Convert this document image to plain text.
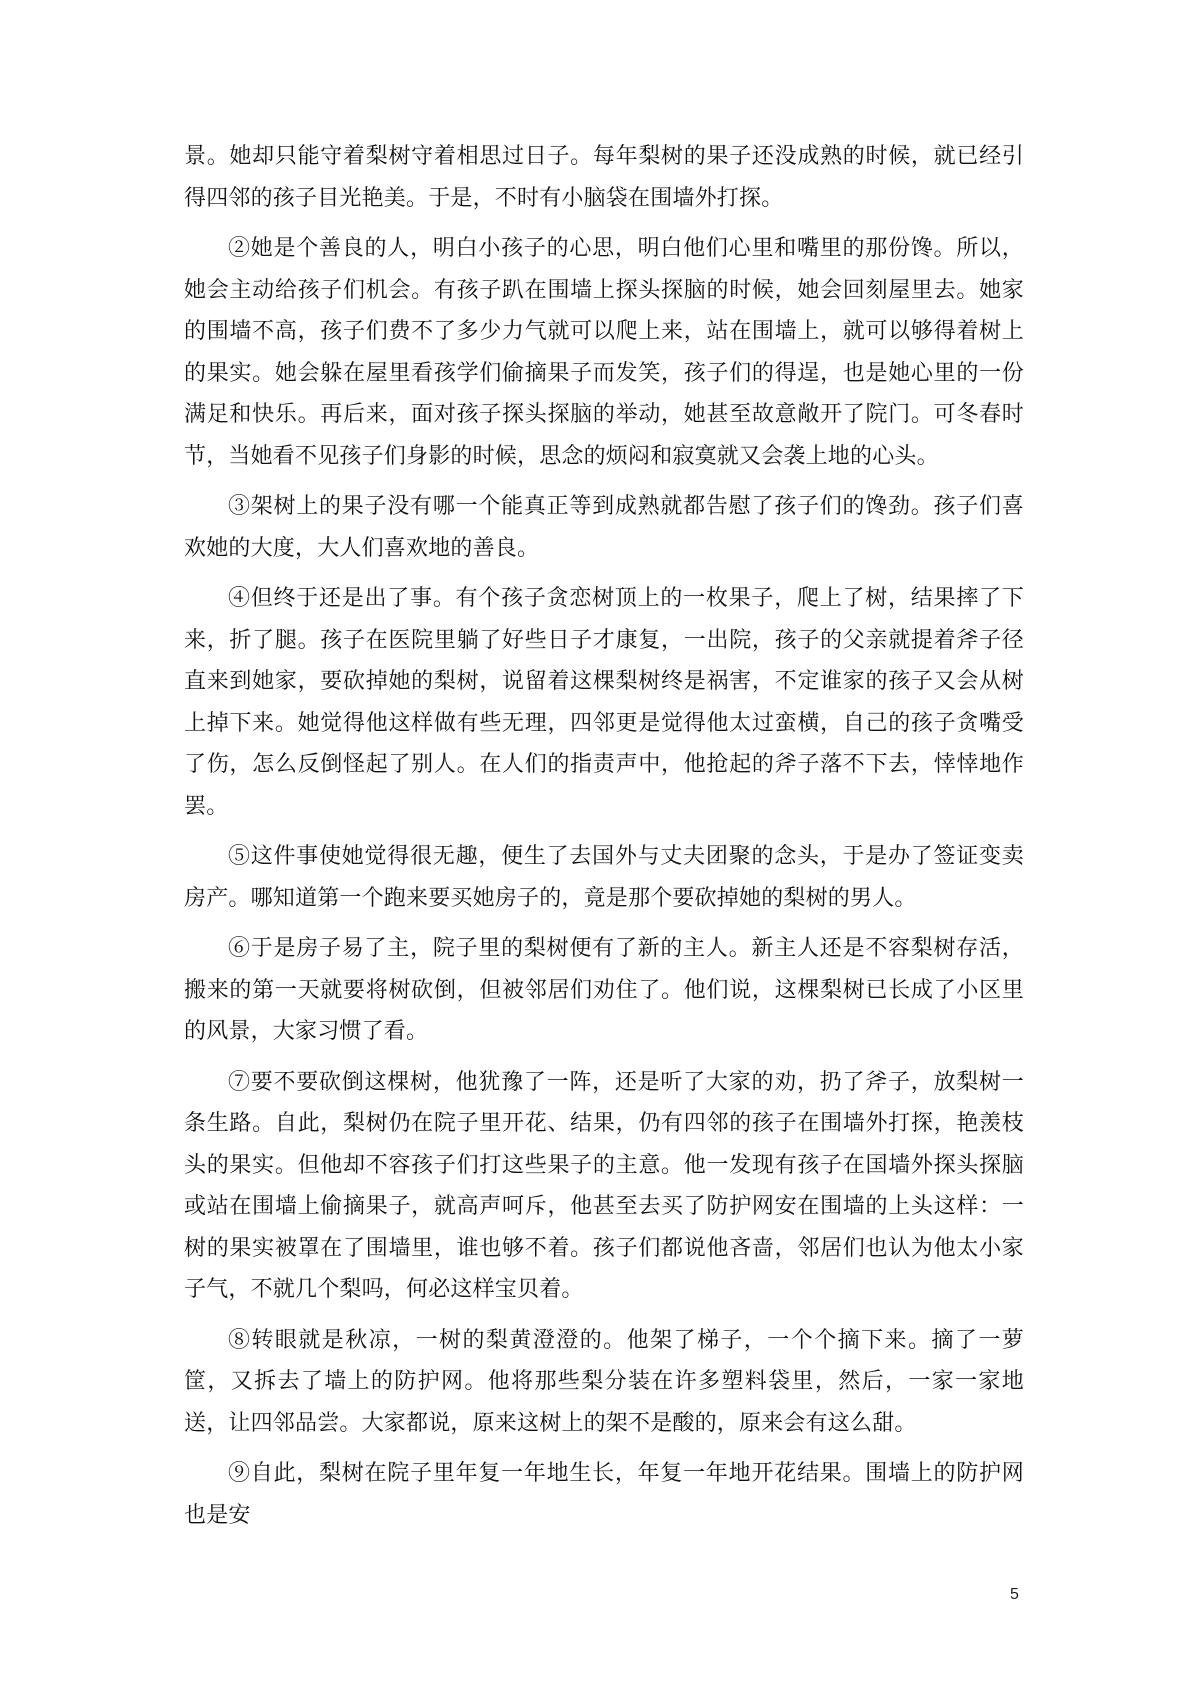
景。她却只能守着梨树守着相思过日子。每年梨树的果子还没成熟的时候，就已经引得四邻的孩子目光艳美。于是，不时有小脑袋在围墙外打探。

②她是个善良的人，明白小孩子的心思，明白他们心里和嘴里的那份馋。所以，她会主动给孩子们机会。有孩子趴在围墙上探头探脑的时候，她会回刻屋里去。她家的围墙不高，孩子们费不了多少力气就可以爬上来，站在围墙上，就可以够得着树上的果实。她会躲在屋里看孩学们偷摘果子而发笑，孩子们的得逞，也是她心里的一份满足和快乐。再后来，面对孩子探头探脑的举动，她甚至故意敞开了院门。可冬春时节，当她看不见孩子们身影的时候，思念的烦闷和寂寞就又会袭上地的心头。

③架树上的果子没有哪一个能真正等到成熟就都告慰了孩子们的馋劲。孩子们喜欢她的大度，大人们喜欢地的善良。

④但终于还是出了事。有个孩子贪恋树顶上的一枚果子，爬上了树，结果摔了下来，折了腿。孩子在医院里躺了好些日子才康复，一出院，孩子的父亲就提着斧子径直来到她家，要砍掉她的梨树，说留着这棵梨树终是祸害，不定谁家的孩子又会从树上掉下来。她觉得他这样做有些无理，四邻更是觉得他太过蛮横，自己的孩子贪嘴受了伤，怎么反倒怪起了别人。在人们的指责声中，他抢起的斧子落不下去，悻悻地作罢。

⑤这件事使她觉得很无趣，便生了去国外与丈夫团聚的念头，于是办了签证变卖房产。哪知道第一个跑来要买她房子的，竟是那个要砍掉她的梨树的男人。

⑥于是房子易了主，院子里的梨树便有了新的主人。新主人还是不容梨树存活，搬来的第一天就要将树砍倒，但被邻居们劝住了。他们说，这棵梨树已长成了小区里的风景，大家习惯了看。

⑦要不要砍倒这棵树，他犹豫了一阵，还是听了大家的劝，扔了斧子，放梨树一条生路。自此，梨树仍在院子里开花、结果，仍有四邻的孩子在围墙外打探，艳羡枝头的果实。但他却不容孩子们打这些果子的主意。他一发现有孩子在国墙外探头探脑或站在围墙上偷摘果子，就高声呵斥，他甚至去买了防护网安在围墙的上头这样：一树的果实被罩在了围墙里，谁也够不着。孩子们都说他吝啬，邻居们也认为他太小家子气，不就几个梨吗，何必这样宝贝着。

⑧转眼就是秋凉，一树的梨黄澄澄的。他架了梯子，一个个摘下来。摘了一萝筐，又拆去了墙上的防护网。他将那些梨分装在许多塑料袋里，然后，一家一家地送，让四邻品尝。大家都说，原来这树上的架不是酸的，原来会有这么甜。

⑨自此，梨树在院子里年复一年地生长，年复一年地开花结果。围墙上的防护网也是安

5
